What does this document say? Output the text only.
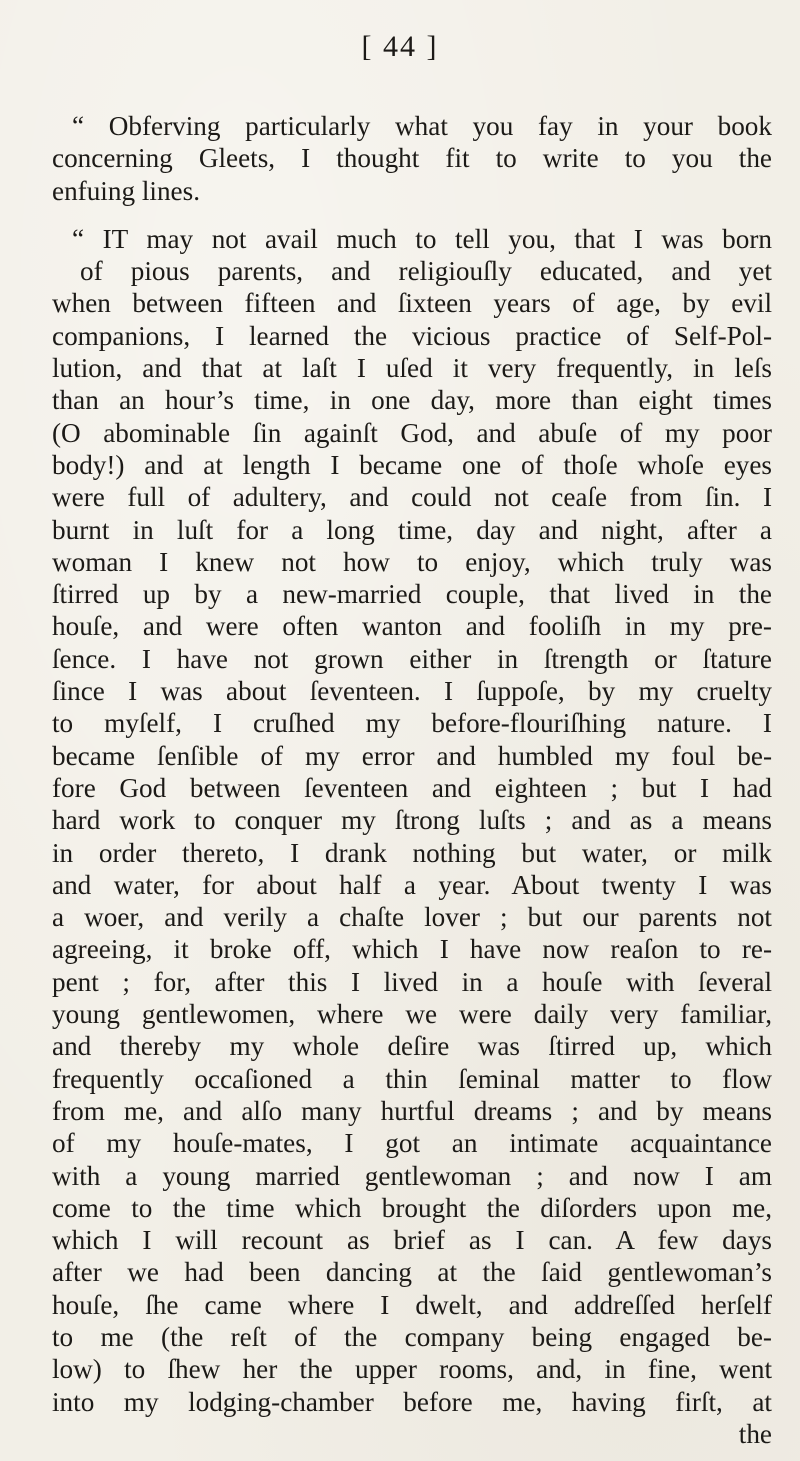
[ 44 ]
“ Obferving particularly what you fay in your book
concerning Gleets, I thought fit to write to you the
enfuing lines.
“ IT may not avail much to tell you, that I was born
of pious parents, and religiouſly educated, and yet
when between fifteen and ſixteen years of age, by evil
companions, I learned the vicious practice of Self-Pol-
lution, and that at laſt I uſed it very frequently, in leſs
than an hour’s time, in one day, more than eight times
(O abominable ſin againſt God, and abuſe of my poor
body!) and at length I became one of thoſe whoſe eyes
were full of adultery, and could not ceaſe from ſin. I
burnt in luſt for a long time, day and night, after a
woman I knew not how to enjoy, which truly was
ſtirred up by a new-married couple, that lived in the
houſe, and were often wanton and fooliſh in my pre-
ſence. I have not grown either in ſtrength or ſtature
ſince I was about ſeventeen. I ſuppoſe, by my cruelty
to myſelf, I cruſhed my before-flouriſhing nature. I
became ſenſible of my error and humbled my foul be-
fore God between ſeventeen and eighteen ; but I had
hard work to conquer my ſtrong luſts ; and as a means
in order thereto, I drank nothing but water, or milk
and water, for about half a year. About twenty I was
a woer, and verily a chaſte lover ; but our parents not
agreeing, it broke off, which I have now reaſon to re-
pent ; for, after this I lived in a houſe with ſeveral
young gentlewomen, where we were daily very familiar,
and thereby my whole deſire was ſtirred up, which
frequently occaſioned a thin ſeminal matter to flow
from me, and alſo many hurtful dreams ; and by means
of my houſe-mates, I got an intimate acquaintance
with a young married gentlewoman ; and now I am
come to the time which brought the diſorders upon me,
which I will recount as brief as I can. A few days
after we had been dancing at the ſaid gentlewoman’s
houſe, ſhe came where I dwelt, and addreſſed herſelf
to me (the reſt of the company being engaged be-
low) to ſhew her the upper rooms, and, in fine, went
into my lodging-chamber before me, having firſt, at
the
